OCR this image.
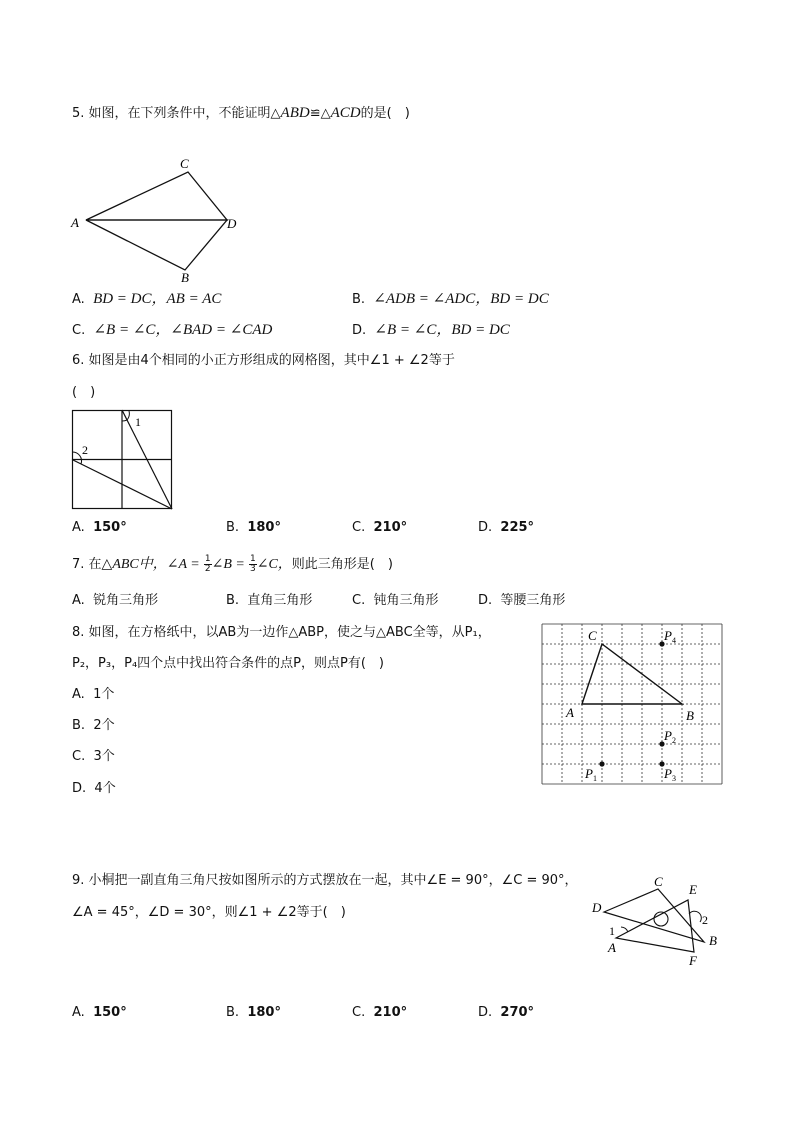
5. 如图，在下列条件中，不能证明△ABD≌△ACD的是(　)
C
A	D
B
A. BD = DC，AB = AC	B. ∠ADB = ∠ADC，BD = DC
C. ∠B = ∠C，∠BAD = ∠CAD	D. ∠B = ∠C，BD = DC
6. 如图是由4个相同的小正方形组成的网格图，其中∠1 + ∠2等于
(　)
1
2
A. 150°	B. 180°	C. 210°	D. 225°
7. 在△ABC中，∠A = $\frac{1}{2}$ ∠B = $\frac{1}{3}$ ∠C，则此三角形是(　)
A. 锐角三角形	B. 直角三角形	C. 钝角三角形	D. 等腰三角形
8. 如图，在方格纸中，以AB为一边作△ABP，使之与△ABC全等，从P₁，
P₂，P₃，P₄四个点中找出符合条件的点P，则点P有(　)
C
A	B
$P_4$
$P_2$
$P_3$
$P_1$
A. 1个
B. 2个
C. 3个
D. 4个
9. 小桐把一副直角三角尺按如图所示的方式摆放在一起，其中∠E = 90°，∠C = 90°，
∠A = 45°，∠D = 30°，则∠1 + ∠2等于(　)
C
E
D
A	B
F
1
2
A. 150°	B. 180°	C. 210°	D. 270°
